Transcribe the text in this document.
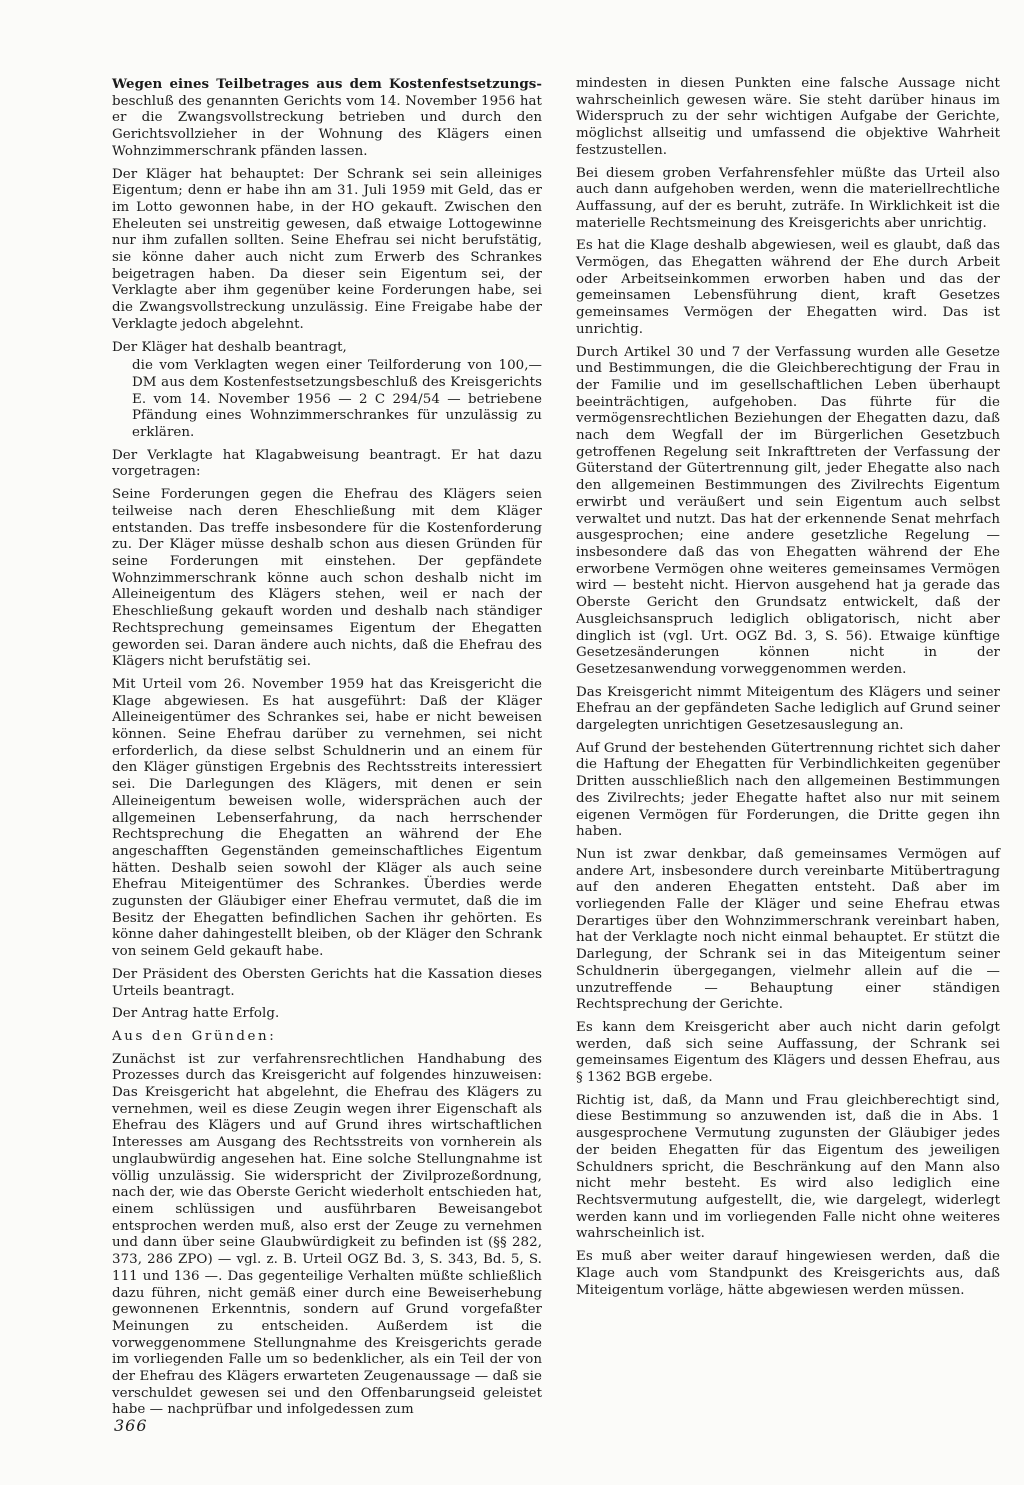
Wegen eines Teilbetrages aus dem Kostenfestsetzungs- beschluß des genannten Gerichts vom 14. November 1956 hat er die Zwangsvollstreckung betrieben und durch den Gerichtsvollzieher in der Wohnung des Klägers einen Wohnzimmerschrank pfänden lassen.

Der Kläger hat behauptet: Der Schrank sei sein alleiniges Eigentum; denn er habe ihn am 31. Juli 1959 mit Geld, das er im Lotto gewonnen habe, in der HO gekauft. Zwischen den Eheleuten sei unstreitig gewesen, daß etwaige Lottogewinne nur ihm zufallen sollten. Seine Ehefrau sei nicht berufstätig, sie könne daher auch nicht zum Erwerb des Schrankes beigetragen haben. Da dieser sein Eigentum sei, der Verklagte aber ihm gegenüber keine Forderungen habe, sei die Zwangsvollstreckung unzulässig. Eine Freigabe habe der Verklagte jedoch abgelehnt.

Der Kläger hat deshalb beantragt,

die vom Verklagten wegen einer Teilforderung von 100,— DM aus dem Kostenfestsetzungsbeschluß des Kreisgerichts E. vom 14. November 1956 — 2 C 294/54 — betriebene Pfändung eines Wohnzimmerschrankes für unzulässig zu erklären.

Der Verklagte hat Klagabweisung beantragt. Er hat dazu vorgetragen:

Seine Forderungen gegen die Ehefrau des Klägers seien teilweise nach deren Eheschließung mit dem Kläger entstanden. Das treffe insbesondere für die Kostenforderung zu. Der Kläger müsse deshalb schon aus diesen Gründen für seine Forderungen mit einstehen. Der gepfändete Wohnzimmerschrank könne auch schon deshalb nicht im Alleineigentum des Klägers stehen, weil er nach der Eheschließung gekauft worden und deshalb nach ständiger Rechtsprechung gemeinsames Eigentum der Ehegatten geworden sei. Daran ändere auch nichts, daß die Ehefrau des Klägers nicht berufstätig sei.

Mit Urteil vom 26. November 1959 hat das Kreisgericht die Klage abgewiesen. Es hat ausgeführt: Daß der Kläger Alleineigentümer des Schrankes sei, habe er nicht beweisen können. Seine Ehefrau darüber zu vernehmen, sei nicht erforderlich, da diese selbst Schuldnerin und an einem für den Kläger günstigen Ergebnis des Rechtsstreits interessiert sei. Die Darlegungen des Klägers, mit denen er sein Alleineigentum beweisen wolle, widersprächen auch der allgemeinen Lebenserfahrung, da nach herrschender Rechtsprechung die Ehegatten an während der Ehe angeschafften Gegenständen gemeinschaftliches Eigentum hätten. Deshalb seien sowohl der Kläger als auch seine Ehefrau Miteigentümer des Schrankes. Überdies werde zugunsten der Gläubiger einer Ehefrau vermutet, daß die im Besitz der Ehegatten befindlichen Sachen ihr gehörten. Es könne daher dahingestellt bleiben, ob der Kläger den Schrank von seinem Geld gekauft habe.

Der Präsident des Obersten Gerichts hat die Kassation dieses Urteils beantragt.

Der Antrag hatte Erfolg.

Aus den Gründen:

Zunächst ist zur verfahrensrechtlichen Handhabung des Prozesses durch das Kreisgericht auf folgendes hinzuweisen: Das Kreisgericht hat abgelehnt, die Ehefrau des Klägers zu vernehmen, weil es diese Zeugin wegen ihrer Eigenschaft als Ehefrau des Klägers und auf Grund ihres wirtschaftlichen Interesses am Ausgang des Rechtsstreits von vornherein als unglaubwürdig angesehen hat. Eine solche Stellungnahme ist völlig unzulässig. Sie widerspricht der Zivilprozeßordnung, nach der, wie das Oberste Gericht wiederholt entschieden hat, einem schlüssigen und ausführbaren Beweisangebot entsprochen werden muß, also erst der Zeuge zu vernehmen und dann über seine Glaubwürdigkeit zu befinden ist (§§ 282, 373, 286 ZPO) — vgl. z. B. Urteil OGZ Bd. 3, S. 343, Bd. 5, S. 111 und 136 —. Das gegenteilige Verhalten müßte schließlich dazu führen, nicht gemäß einer durch eine Beweiserhebung gewonnenen Erkenntnis, sondern auf Grund vorgefaßter Meinungen zu entscheiden. Außerdem ist die vorweggenommene Stellungnahme des Kreisgerichts gerade im vorliegenden Falle um so bedenklicher, als ein Teil der von der Ehefrau des Klägers erwarteten Zeugenaussage — daß sie verschuldet gewesen sei und den Offenbarungseid geleistet habe — nachprüfbar und infolgedessen zum

mindesten in diesen Punkten eine falsche Aussage nicht wahrscheinlich gewesen wäre. Sie steht darüber hinaus im Widerspruch zu der sehr wichtigen Aufgabe der Gerichte, möglichst allseitig und umfassend die objektive Wahrheit festzustellen.

Bei diesem groben Verfahrensfehler müßte das Urteil also auch dann aufgehoben werden, wenn die materiellrechtliche Auffassung, auf der es beruht, zuträfe. In Wirklichkeit ist die materielle Rechtsmeinung des Kreisgerichts aber unrichtig.

Es hat die Klage deshalb abgewiesen, weil es glaubt, daß das Vermögen, das Ehegatten während der Ehe durch Arbeit oder Arbeitseinkommen erworben haben und das der gemeinsamen Lebensführung dient, kraft Gesetzes gemeinsames Vermögen der Ehegatten wird. Das ist unrichtig.

Durch Artikel 30 und 7 der Verfassung wurden alle Gesetze und Bestimmungen, die die Gleichberechtigung der Frau in der Familie und im gesellschaftlichen Leben überhaupt beeinträchtigen, aufgehoben. Das führte für die vermögensrechtlichen Beziehungen der Ehegatten dazu, daß nach dem Wegfall der im Bürgerlichen Gesetzbuch getroffenen Regelung seit Inkrafttreten der Verfassung der Güterstand der Gütertrennung gilt, jeder Ehegatte also nach den allgemeinen Bestimmungen des Zivilrechts Eigentum erwirbt und veräußert und sein Eigentum auch selbst verwaltet und nutzt. Das hat der erkennende Senat mehrfach ausgesprochen; eine andere gesetzliche Regelung — insbesondere daß das von Ehegatten während der Ehe erworbene Vermögen ohne weiteres gemeinsames Vermögen wird — besteht nicht. Hiervon ausgehend hat ja gerade das Oberste Gericht den Grundsatz entwickelt, daß der Ausgleichsanspruch lediglich obligatorisch, nicht aber dinglich ist (vgl. Urt. OGZ Bd. 3, S. 56). Etwaige künftige Gesetzesänderungen können nicht in der Gesetzesanwendung vorweggenommen werden.

Das Kreisgericht nimmt Miteigentum des Klägers und seiner Ehefrau an der gepfändeten Sache lediglich auf Grund seiner dargelegten unrichtigen Gesetzesauslegung an.

Auf Grund der bestehenden Gütertrennung richtet sich daher die Haftung der Ehegatten für Verbindlichkeiten gegenüber Dritten ausschließlich nach den allgemeinen Bestimmungen des Zivilrechts; jeder Ehegatte haftet also nur mit seinem eigenen Vermögen für Forderungen, die Dritte gegen ihn haben.

Nun ist zwar denkbar, daß gemeinsames Vermögen auf andere Art, insbesondere durch vereinbarte Mitübertragung auf den anderen Ehegatten entsteht. Daß aber im vorliegenden Falle der Kläger und seine Ehefrau etwas Derartiges über den Wohnzimmerschrank vereinbart haben, hat der Verklagte noch nicht einmal behauptet. Er stützt die Darlegung, der Schrank sei in das Miteigentum seiner Schuldnerin übergegangen, vielmehr allein auf die — unzutreffende — Behauptung einer ständigen Rechtsprechung der Gerichte.

Es kann dem Kreisgericht aber auch nicht darin gefolgt werden, daß sich seine Auffassung, der Schrank sei gemeinsames Eigentum des Klägers und dessen Ehefrau, aus § 1362 BGB ergebe.

Richtig ist, daß, da Mann und Frau gleichberechtigt sind, diese Bestimmung so anzuwenden ist, daß die in Abs. 1 ausgesprochene Vermutung zugunsten der Gläubiger jedes der beiden Ehegatten für das Eigentum des jeweiligen Schuldners spricht, die Beschränkung auf den Mann also nicht mehr besteht. Es wird also lediglich eine Rechtsvermutung aufgestellt, die, wie dargelegt, widerlegt werden kann und im vorliegenden Falle nicht ohne weiteres wahrscheinlich ist.

Es muß aber weiter darauf hingewiesen werden, daß die Klage auch vom Standpunkt des Kreisgerichts aus, daß Miteigentum vorläge, hätte abgewiesen werden müssen.

366
